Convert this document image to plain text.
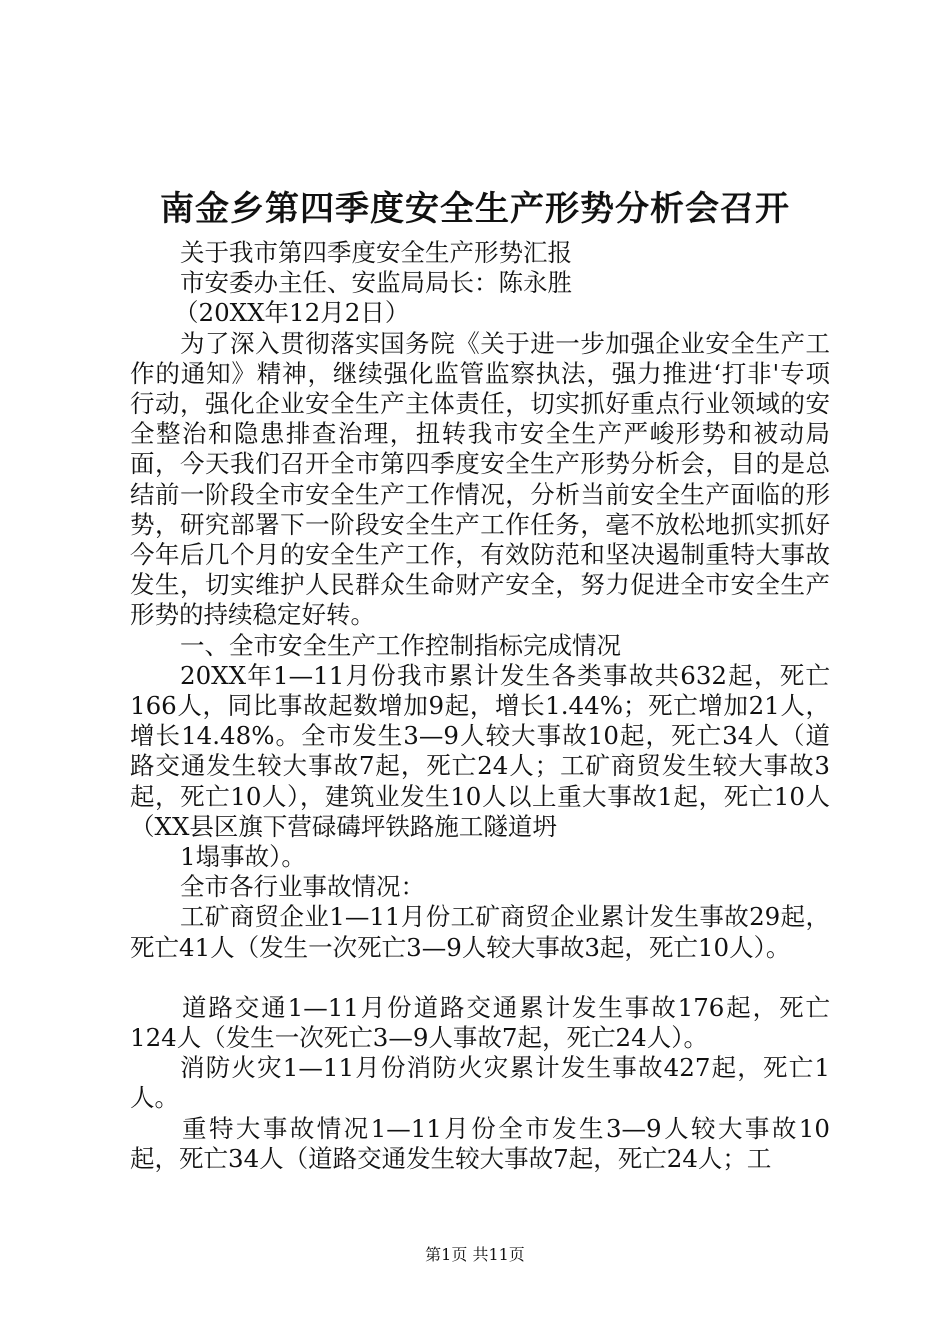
南金乡第四季度安全生产形势分析会召开

关于我市第四季度安全生产形势汇报

市安委办主任、安监局局长：陈永胜

（20XX年12月2日）

为了深入贯彻落实国务院《关于进一步加强企业安全生产工作的通知》精神，继续强化监管监察执法，强力推进‘打非'专项行动，强化企业安全生产主体责任，切实抓好重点行业领域的安全整治和隐患排查治理，扭转我市安全生产严峻形势和被动局面，今天我们召开全市第四季度安全生产形势分析会，目的是总结前一阶段全市安全生产工作情况，分析当前安全生产面临的形势，研究部署下一阶段安全生产工作任务，毫不放松地抓实抓好今年后几个月的安全生产工作，有效防范和坚决遏制重特大事故发生，切实维护人民群众生命财产安全，努力促进全市安全生产形势的持续稳定好转。

一、全市安全生产工作控制指标完成情况

20XX年1—11月份我市累计发生各类事故共632起，死亡166人，同比事故起数增加9起，增长1.44%；死亡增加21人，增长14.48%。全市发生3—9人较大事故10起，死亡34人（道路交通发生较大事故7起，死亡24人；工矿商贸发生较大事故3起，死亡10人），建筑业发生10人以上重大事故1起，死亡10人（XX县区旗下营碌碡坪铁路施工隧道坍

1塌事故）。

全市各行业事故情况：

工矿商贸企业1—11月份工矿商贸企业累计发生事故29起，死亡41人（发生一次死亡3—9人较大事故3起，死亡10人）。

道路交通1—11月份道路交通累计发生事故176起，死亡124人（发生一次死亡3—9人事故7起，死亡24人）。

消防火灾1—11月份消防火灾累计发生事故427起，死亡1人。

重特大事故情况1—11月份全市发生3—9人较大事故10起，死亡34人（道路交通发生较大事故7起，死亡24人；工

第1页 共11页
